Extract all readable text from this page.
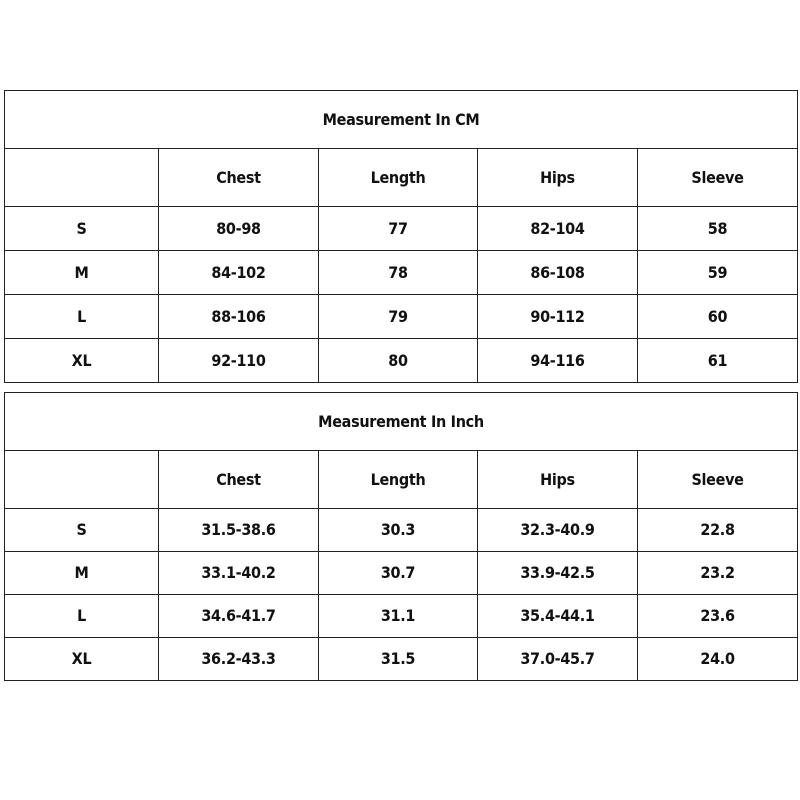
Measurement In CM				
	Chest	Length	Hips	Sleeve
S	80-98	77	82-104	58
M	84-102	78	86-108	59
L	88-106	79	90-112	60
XL	92-110	80	94-116	61
Measurement In Inch				
	Chest	Length	Hips	Sleeve
S	31.5-38.6	30.3	32.3-40.9	22.8
M	33.1-40.2	30.7	33.9-42.5	23.2
L	34.6-41.7	31.1	35.4-44.1	23.6
XL	36.2-43.3	31.5	37.0-45.7	24.0
